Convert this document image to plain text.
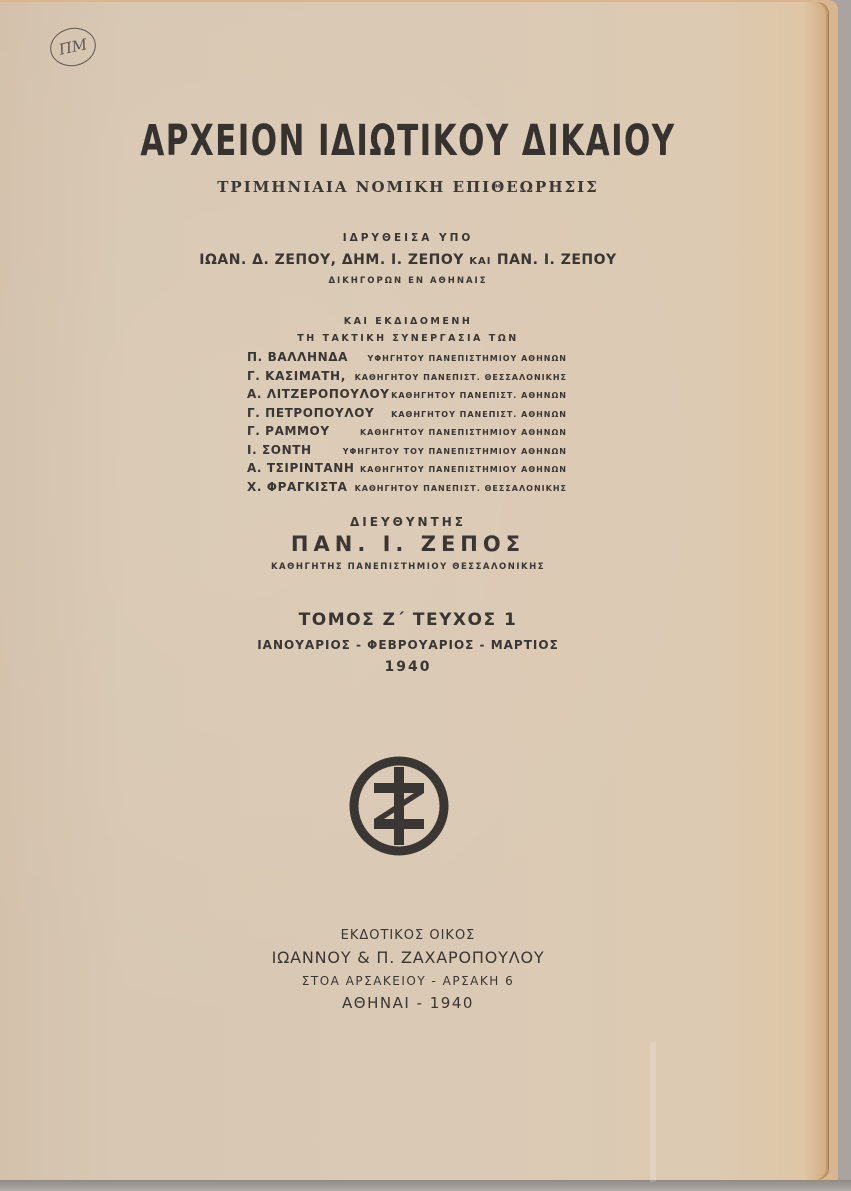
ΠΜ
ΑΡΧΕΙΟΝ ΙΔΙΩΤΙΚΟΥ ΔΙΚΑΙΟΥ
ΤΡΙΜΗΝΙΑΙΑ ΝΟΜΙΚΗ ΕΠΙΘΕΩΡΗΣΙΣ
ΙΔΡΥΘΕΙΣΑ ΥΠΟ
ΙΩΑΝ. Δ. ΖΕΠΟΥ, ΔΗΜ. Ι. ΖΕΠΟΥ ΚΑΙ ΠΑΝ. Ι. ΖΕΠΟΥ
ΔΙΚΗΓΟΡΩΝ ΕΝ ΑΘΗΝΑΙΣ
ΚΑΙ ΕΚΔΙΔΟΜΕΝΗ
ΤΗ ΤΑΚΤΙΚΗ ΣΥΝΕΡΓΑΣΙΑ ΤΩΝ
Π. ΒΑΛΛΗΝΔΑ ΥΦΗΓΗΤΟΥ ΠΑΝΕΠΙΣΤΗΜΙΟΥ ΑΘΗΝΩΝ
Γ. ΚΑΣΙΜΑΤΗ, ΚΑΘΗΓΗΤΟΥ ΠΑΝΕΠΙΣΤ. ΘΕΣΣΑΛΟΝΙΚΗΣ
Α. ΛΙΤΖΕΡΟΠΟΥΛΟΥ ΚΑΘΗΓΗΤΟΥ ΠΑΝΕΠΙΣΤ. ΑΘΗΝΩΝ
Γ. ΠΕΤΡΟΠΟΥΛΟΥ ΚΑΘΗΓΗΤΟΥ ΠΑΝΕΠΙΣΤ. ΑΘΗΝΩΝ
Γ. ΡΑΜΜΟΥ	ΚΑΘΗΓΗΤΟΥ ΠΑΝΕΠΙΣΤΗΜΙΟΥ ΑΘΗΝΩΝ
Ι. ΣΟΝΤΗ	ΥΦΗΓΗΤΟΥ ΤΟΥ ΠΑΝΕΠΙΣΤΗΜΙΟΥ ΑΘΗΝΩΝ
Α. ΤΣΙΡΙΝΤΑΝΗ ΚΑΘΗΓΗΤΟΥ ΠΑΝΕΠΙΣΤΗΜΙΟΥ ΑΘΗΝΩΝ
Χ. ΦΡΑΓΚΙΣΤΑ ΚΑΘΗΓΗΤΟΥ ΠΑΝΕΠΙΣΤ. ΘΕΣΣΑΛΟΝΙΚΗΣ
ΔΙΕΥΘΥΝΤΗΣ
ΠΑΝ. Ι. ΖΕΠΟΣ
ΚΑΘΗΓΗΤΗΣ ΠΑΝΕΠΙΣΤΗΜΙΟΥ ΘΕΣΣΑΛΟΝΙΚΗΣ
ΤΟΜΟΣ Ζ΄ ΤΕΥΧΟΣ 1
ΙΑΝΟΥΑΡΙΟΣ - ΦΕΒΡΟΥΑΡΙΟΣ - ΜΑΡΤΙΟΣ
1940
ΕΚΔΟΤΙΚΟΣ ΟΙΚΟΣ
ΙΩΑΝΝΟΥ & Π. ΖΑΧΑΡΟΠΟΥΛΟΥ
ΣΤΟΑ ΑΡΣΑΚΕΙΟΥ - ΑΡΣΑΚΗ 6
ΑΘΗΝΑΙ - 1940
